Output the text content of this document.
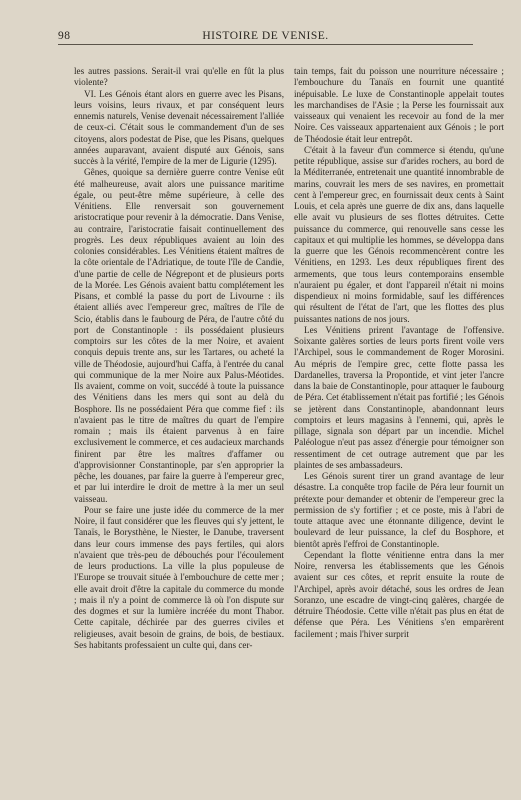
98	HISTOIRE DE VENISE.

les autres passions. Serait-il vrai qu'elle en fût la plus violente?

VI. Les Génois étant alors en guerre avec les Pisans, leurs voisins, leurs rivaux, et par conséquent leurs ennemis naturels, Venise devenait nécessairement l'alliée de ceux-ci. C'était sous le commandement d'un de ses citoyens, alors podestat de Pise, que les Pisans, quelques années auparavant, avaient disputé aux Génois, sans succès à la vérité, l'empire de la mer de Ligurie (1295).

Gênes, quoique sa dernière guerre contre Venise eût été malheureuse, avait alors une puissance maritime égale, ou peut-être même supérieure, à celle des Vénitiens. Elle renversait son gouvernement aristocratique pour revenir à la démocratie. Dans Venise, au contraire, l'aristocratie faisait continuellement des progrès. Les deux républiques avaient au loin des colonies considérables. Les Vénitiens étaient maîtres de la côte orientale de l'Adriatique, de toute l'île de Candie, d'une partie de celle de Négrepont et de plusieurs ports de la Morée. Les Génois avaient battu complétement les Pisans, et comblé la passe du port de Livourne : ils étaient alliés avec l'empereur grec, maîtres de l'île de Scio, établis dans le faubourg de Péra, de l'autre côté du port de Constantinople : ils possédaient plusieurs comptoirs sur les côtes de la mer Noire, et avaient conquis depuis trente ans, sur les Tartares, ou acheté la ville de Théodosie, aujourd'hui Caffa, à l'entrée du canal qui communique de la mer Noire aux Palus-Méotides. Ils avaient, comme on voit, succédé à toute la puissance des Vénitiens dans les mers qui sont au delà du Bosphore. Ils ne possédaient Péra que comme fief : ils n'avaient pas le titre de maîtres du quart de l'empire romain ; mais ils étaient parvenus à en faire exclusivement le commerce, et ces audacieux marchands finirent par être les maîtres d'affamer ou d'approvisionner Constantinople, par s'en approprier la pêche, les douanes, par faire la guerre à l'empereur grec, et par lui interdire le droit de mettre à la mer un seul vaisseau.

Pour se faire une juste idée du commerce de la mer Noire, il faut considérer que les fleuves qui s'y jettent, le Tanaïs, le Borysthène, le Niester, le Danube, traversent dans leur cours immense des pays fertiles, qui alors n'avaient que très-peu de débouchés pour l'écoulement de leurs productions. La ville la plus populeuse de l'Europe se trouvait située à l'embouchure de cette mer ; elle avait droit d'être la capitale du commerce du monde ; mais il n'y a point de commerce là où l'on dispute sur des dogmes et sur la lumière incréée du mont Thabor. Cette capitale, déchirée par des guerres civiles et religieuses, avait besoin de grains, de bois, de bestiaux. Ses habitants professaient un culte qui, dans cer-

tain temps, fait du poisson une nourriture nécessaire ; l'embouchure du Tanaïs en fournit une quantité inépuisable. Le luxe de Constantinople appelait toutes les marchandises de l'Asie ; la Perse les fournissait aux vaisseaux qui venaient les recevoir au fond de la mer Noire. Ces vaisseaux appartenaient aux Génois ; le port de Théodosie était leur entrepôt.

C'était à la faveur d'un commerce si étendu, qu'une petite république, assise sur d'arides rochers, au bord de la Méditerranée, entretenait une quantité innombrable de marins, couvrait les mers de ses navires, en promettait cent à l'empereur grec, en fournissait deux cents à Saint Louis, et cela après une guerre de dix ans, dans laquelle elle avait vu plusieurs de ses flottes détruites. Cette puissance du commerce, qui renouvelle sans cesse les capitaux et qui multiplie les hommes, se développa dans la guerre que les Génois recommencèrent contre les Vénitiens, en 1293. Les deux républiques firent des armements, que tous leurs contemporains ensemble n'auraient pu égaler, et dont l'appareil n'était ni moins dispendieux ni moins formidable, sauf les différences qui résultent de l'état de l'art, que les flottes des plus puissantes nations de nos jours.

Les Vénitiens prirent l'avantage de l'offensive. Soixante galères sorties de leurs ports firent voile vers l'Archipel, sous le commandement de Roger Morosini. Au mépris de l'empire grec, cette flotte passa les Dardanelles, traversa la Propontide, et vint jeter l'ancre dans la baie de Constantinople, pour attaquer le faubourg de Péra. Cet établissement n'était pas fortifié ; les Génois se jetèrent dans Constantinople, abandonnant leurs comptoirs et leurs magasins à l'ennemi, qui, après le pillage, signala son départ par un incendie. Michel Paléologue n'eut pas assez d'énergie pour témoigner son ressentiment de cet outrage autrement que par les plaintes de ses ambassadeurs.

Les Génois surent tirer un grand avantage de leur désastre. La conquête trop facile de Péra leur fournit un prétexte pour demander et obtenir de l'empereur grec la permission de s'y fortifier ; et ce poste, mis à l'abri de toute attaque avec une étonnante diligence, devint le boulevard de leur puissance, la clef du Bosphore, et bientôt après l'effroi de Constantinople.

Cependant la flotte vénitienne entra dans la mer Noire, renversa les établissements que les Génois avaient sur ces côtes, et reprit ensuite la route de l'Archipel, après avoir détaché, sous les ordres de Jean Soranzo, une escadre de vingt-cinq galères, chargée de détruire Théodosie. Cette ville n'était pas plus en état de défense que Péra. Les Vénitiens s'en emparèrent facilement ; mais l'hiver surprit
